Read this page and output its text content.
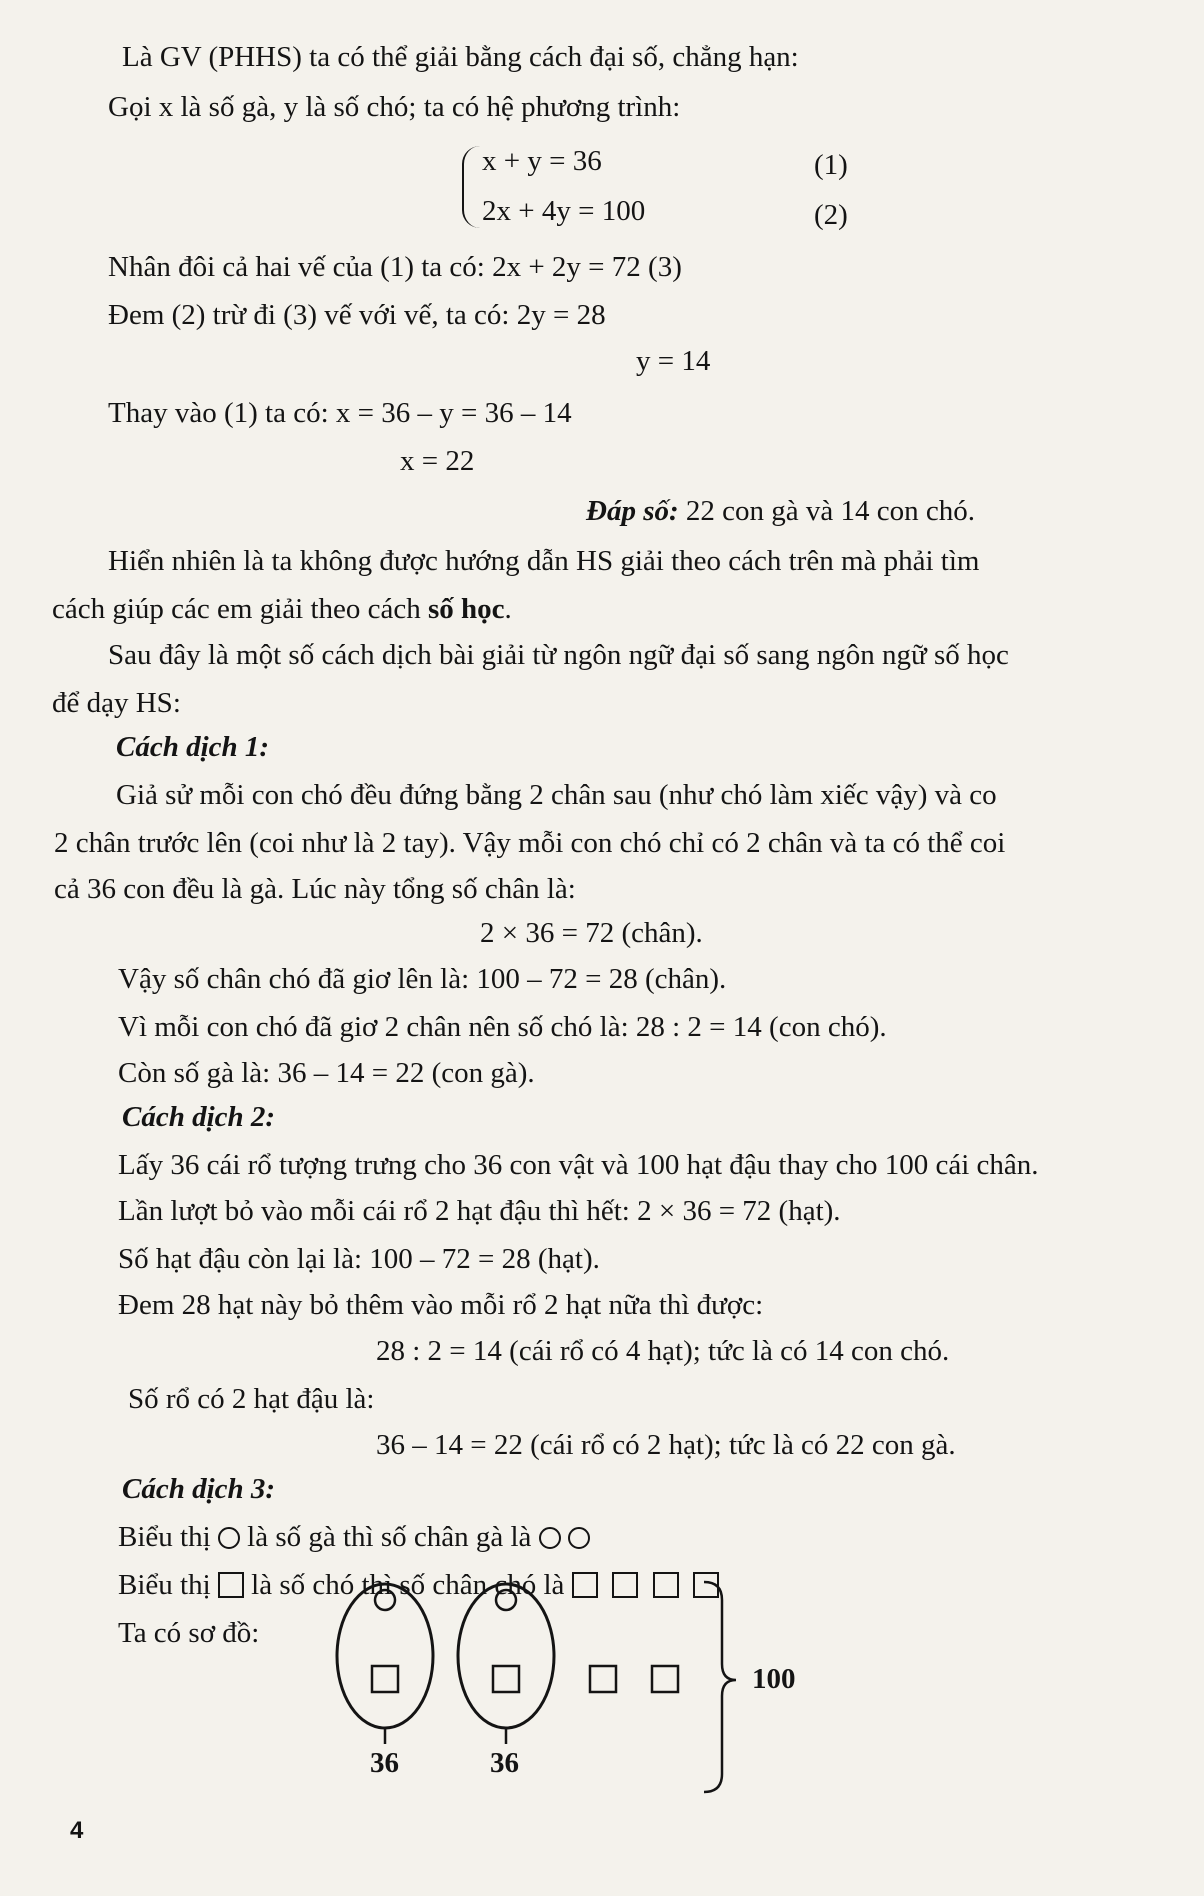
Là GV (PHHS) ta có thể giải bằng cách đại số, chẳng hạn:
Gọi x là số gà, y là số chó; ta có hệ phương trình:
x + y = 36	(1)
2x + 4y = 100	(2)
Nhân đôi cả hai vế của (1) ta có: 2x + 2y = 72 (3)
Đem (2) trừ đi (3) vế với vế, ta có: 2y = 28
y = 14
Thay vào (1) ta có: x = 36 – y = 36 – 14
x = 22
Đáp số: 22 con gà và 14 con chó.
Hiển nhiên là ta không được hướng dẫn HS giải theo cách trên mà phải tìm
cách giúp các em giải theo cách số học.
Sau đây là một số cách dịch bài giải từ ngôn ngữ đại số sang ngôn ngữ số học
để dạy HS:
Cách dịch 1:
Giả sử mỗi con chó đều đứng bằng 2 chân sau (như chó làm xiếc vậy) và co
2 chân trước lên (coi như là 2 tay). Vậy mỗi con chó chỉ có 2 chân và ta có thể coi
cả 36 con đều là gà. Lúc này tổng số chân là:
2 × 36 = 72 (chân).
Vậy số chân chó đã giơ lên là: 100 – 72 = 28 (chân).
Vì mỗi con chó đã giơ 2 chân nên số chó là: 28 : 2 = 14 (con chó).
Còn số gà là: 36 – 14 = 22 (con gà).
Cách dịch 2:
Lấy 36 cái rổ tượng trưng cho 36 con vật và 100 hạt đậu thay cho 100 cái chân.
Lần lượt bỏ vào mỗi cái rổ 2 hạt đậu thì hết: 2 × 36 = 72 (hạt).
Số hạt đậu còn lại là: 100 – 72 = 28 (hạt).
Đem 28 hạt này bỏ thêm vào mỗi rổ 2 hạt nữa thì được:
28 : 2 = 14 (cái rổ có 4 hạt); tức là có 14 con chó.
Số rổ có 2 hạt đậu là:
36 – 14 = 22 (cái rổ có 2 hạt); tức là có 22 con gà.
Cách dịch 3:
Biểu thị  là số gà thì số chân gà là
Biểu thị  là số chó thì số chân chó là
Ta có sơ đồ:
100
36	36
4
